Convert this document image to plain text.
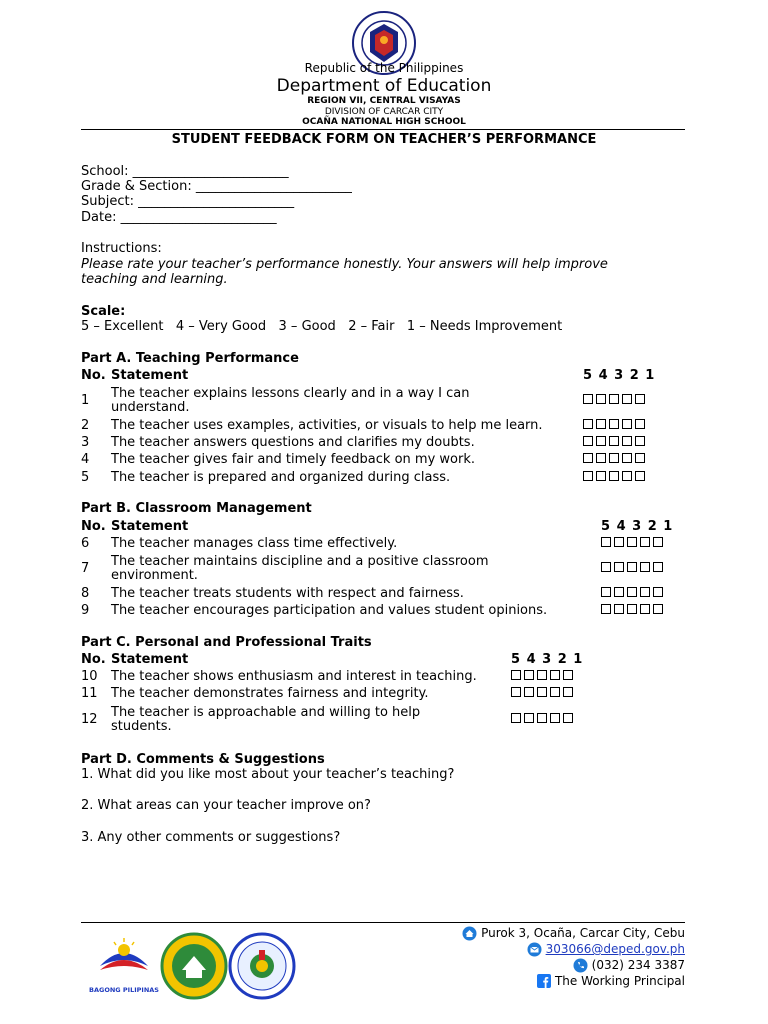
Republic of the Philippines
Department of Education
REGION VII, CENTRAL VISAYAS
DIVISION OF CARCAR CITY
OCAÑA NATIONAL HIGH SCHOOL
STUDENT FEEDBACK FORM ON TEACHER’S PERFORMANCE
School: ________________________
Grade & Section: ________________________
Subject: ________________________
Date: ________________________
Instructions:
Please rate your teacher’s performance honestly. Your answers will help improve
teaching and learning.
Scale:
5 – Excellent   4 – Very Good   3 – Good   2 – Fair   1 – Needs Improvement
Part A. Teaching Performance
No.	Statement	5 4 3 2 1
1	The teacher explains lessons clearly and in a way I can understand.	
2	The teacher uses examples, activities, or visuals to help me learn.	
3	The teacher answers questions and clarifies my doubts.	
4	The teacher gives fair and timely feedback on my work.	
5	The teacher is prepared and organized during class.	
Part B. Classroom Management
No.	Statement	5 4 3 2 1
6	The teacher manages class time effectively.	
7	The teacher maintains discipline and a positive classroom environment.	
8	The teacher treats students with respect and fairness.	
9	The teacher encourages participation and values student opinions.	
Part C. Personal and Professional Traits
No.	Statement	5 4 3 2 1
10	The teacher shows enthusiasm and interest in teaching.	
11	The teacher demonstrates fairness and integrity.	
12	The teacher is approachable and willing to help students.	
Part D. Comments & Suggestions
1. What did you like most about your teacher’s teaching?
2. What areas can your teacher improve on?
3. Any other comments or suggestions?
BAGONG PILIPINAS
Purok 3, Ocaña, Carcar City, Cebu
303066@deped.gov.ph
(032) 234 3387
The Working Principal
